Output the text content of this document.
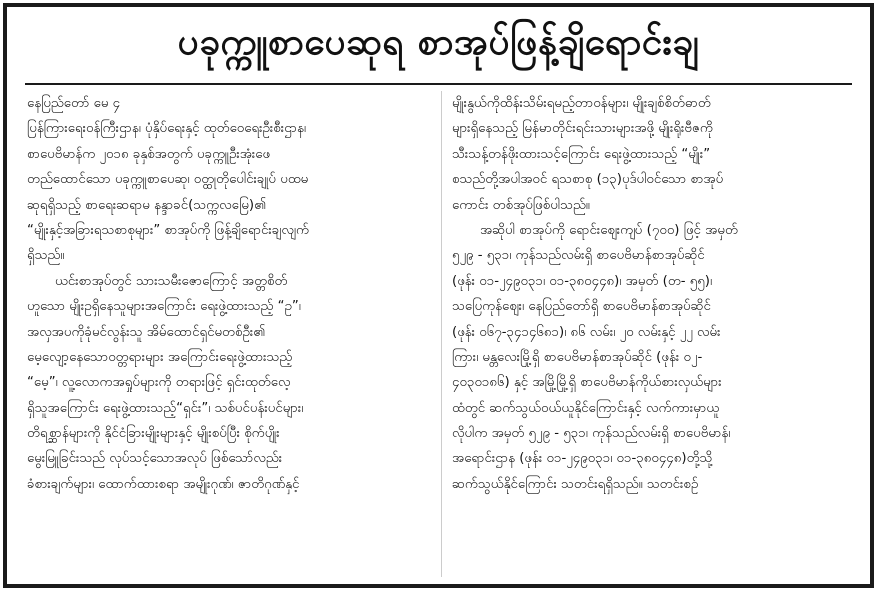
ပခုက္ကူစာပေဆုရ စာအုပ်ဖြန့်ချိရောင်းချ
နေပြည်တော် မေ ၄
ပြန်ကြားရေးဝန်ကြီးဌာန၊ ပုံနှိပ်ရေးနှင့် ထုတ်ဝေရေးဦးစီးဌာန၊
စာပေဗိမာန်က ၂၀၁၈ ခုနှစ်အတွက် ပခုက္ကူဦးအုံးဖေ
တည်ထောင်သော ပခုက္ကူစာပေဆု၊ ဝတ္ထုတိုပေါင်းချုပ် ပထမ
ဆုရရှိသည့် စာရေးဆရာမ နန္ဒာခင်(သက္ကလမြေ)၏
“မျိုးနှင့်အခြားရသစာစုများ” စာအုပ်ကို ဖြန့်ချိရောင်းချလျက်
ရှိသည်။
ယင်းစာအုပ်တွင် သားသမီးဇောကြောင့် အတ္တစိတ်
ဟူသော မျိုးဥရှိနေသူများအကြောင်း ရေးဖွဲ့ထားသည့် “ဥ”၊
အလှအပကိုခုံမင်လွန်းသူ အိမ်ထောင်ရှင်မတစ်ဦး၏
မေ့လျော့နေသောဝတ္တရားများ အကြောင်းရေးဖွဲ့ထားသည့်
“မေ့”၊ လူ့လောကအရှုပ်များကို တရားဖြင့် ရှင်းထုတ်လေ့
ရှိသူအကြောင်း ရေးဖွဲ့ထားသည့်“ရှင်း”၊ သစ်ပင်ပန်းပင်များ၊
တိရစ္ဆာန်များကို နိုင်ငံခြားမျိုးများနှင့် မျိုးစပ်ပြီး စိုက်ပျိုး
မွေးမြူခြင်းသည် လုပ်သင့်သောအလုပ် ဖြစ်သော်လည်း
ခံစားချက်များ၊ ထောက်ထားစရာ အမျိုးဂုဏ်၊ ဇာတိဂုဏ်နှင့်
မျိုးနွယ်ကိုထိန်းသိမ်းရမည့်တာဝန်များ၊ မျိုးချစ်စိတ်ဓာတ်
များရှိနေသည့် မြန်မာတိုင်းရင်းသားများအဖို့ မျိုးရိုးဗီဇကို
သီးသန့်တန်ဖိုးထားသင့်ကြောင်း ရေးဖွဲ့ထားသည့် “မျိုး”
စသည်တို့အပါအဝင် ရသစာစု (၁၃)ပုဒ်ပါဝင်သော စာအုပ်
ကောင်း တစ်အုပ်ဖြစ်ပါသည်။
အဆိုပါ စာအုပ်ကို ရောင်းဈေးကျပ် (၇၀၀) ဖြင့် အမှတ်
၅၂၉ - ၅၃၁၊ ကုန်သည်လမ်းရှိ စာပေဗိမာန်စာအုပ်ဆိုင်
(ဖုန်း ၀၁-၂၄၉၀၃၁၊ ၀၁-၃၈၀၄၄၈)၊ အမှတ် (တ- ၅၅)၊
သပြေကုန်ဈေး၊ နေပြည်တော်ရှိ စာပေဗိမာန်စာအုပ်ဆိုင်
(ဖုန်း ၀၆၇-၃၄၁၄၆၈၁)၊ ၈၆ လမ်း၊ ၂၀ လမ်းနှင့် ၂၂ လမ်း
ကြား၊ မန္တလေးမြို့ရှိ စာပေဗိမာန်စာအုပ်ဆိုင် (ဖုန်း ၀၂-
၄၀၃၀၁၈၆) နှင့် အမြို့မြို့ရှိ စာပေဗိမာန်ကိုယ်စားလှယ်များ
ထံတွင် ဆက်သွယ်ဝယ်ယူနိုင်ကြောင်းနှင့် လက်ကားမှာယူ
လိုပါက အမှတ် ၅၂၉ - ၅၃၁၊ ကုန်သည်လမ်းရှိ စာပေဗိမာန်၊
အရောင်းဌာန (ဖုန်း ၀၁-၂၄၉၀၃၁၊ ၀၁-၃၈၀၄၄၈)တို့သို့
ဆက်သွယ်နိုင်ကြောင်း သတင်းရရှိသည်။ သတင်းစဉ်
